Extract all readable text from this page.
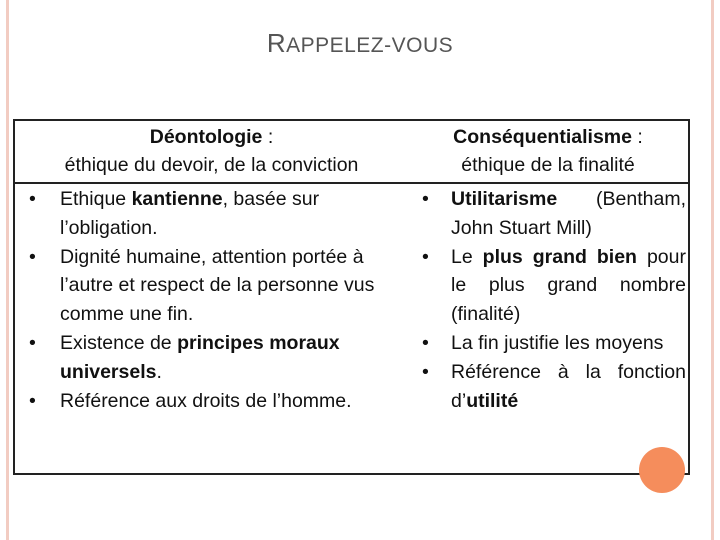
RAPPELEZ-VOUS
Déontologie :
éthique du devoir, de la conviction
Conséquentialisme :
éthique de la finalité
• Ethique kantienne, basée sur l’obligation.
• Dignité humaine, attention portée à l’autre et respect de la personne vus comme une fin.
• Existence de principes moraux universels.
• Référence aux droits de l’homme.
• Utilitarisme (Bentham, John Stuart Mill)
• Le plus grand bien pour le plus grand nombre (finalité)
• La fin justifie les moyens
• Référence à la fonction d’utilité
